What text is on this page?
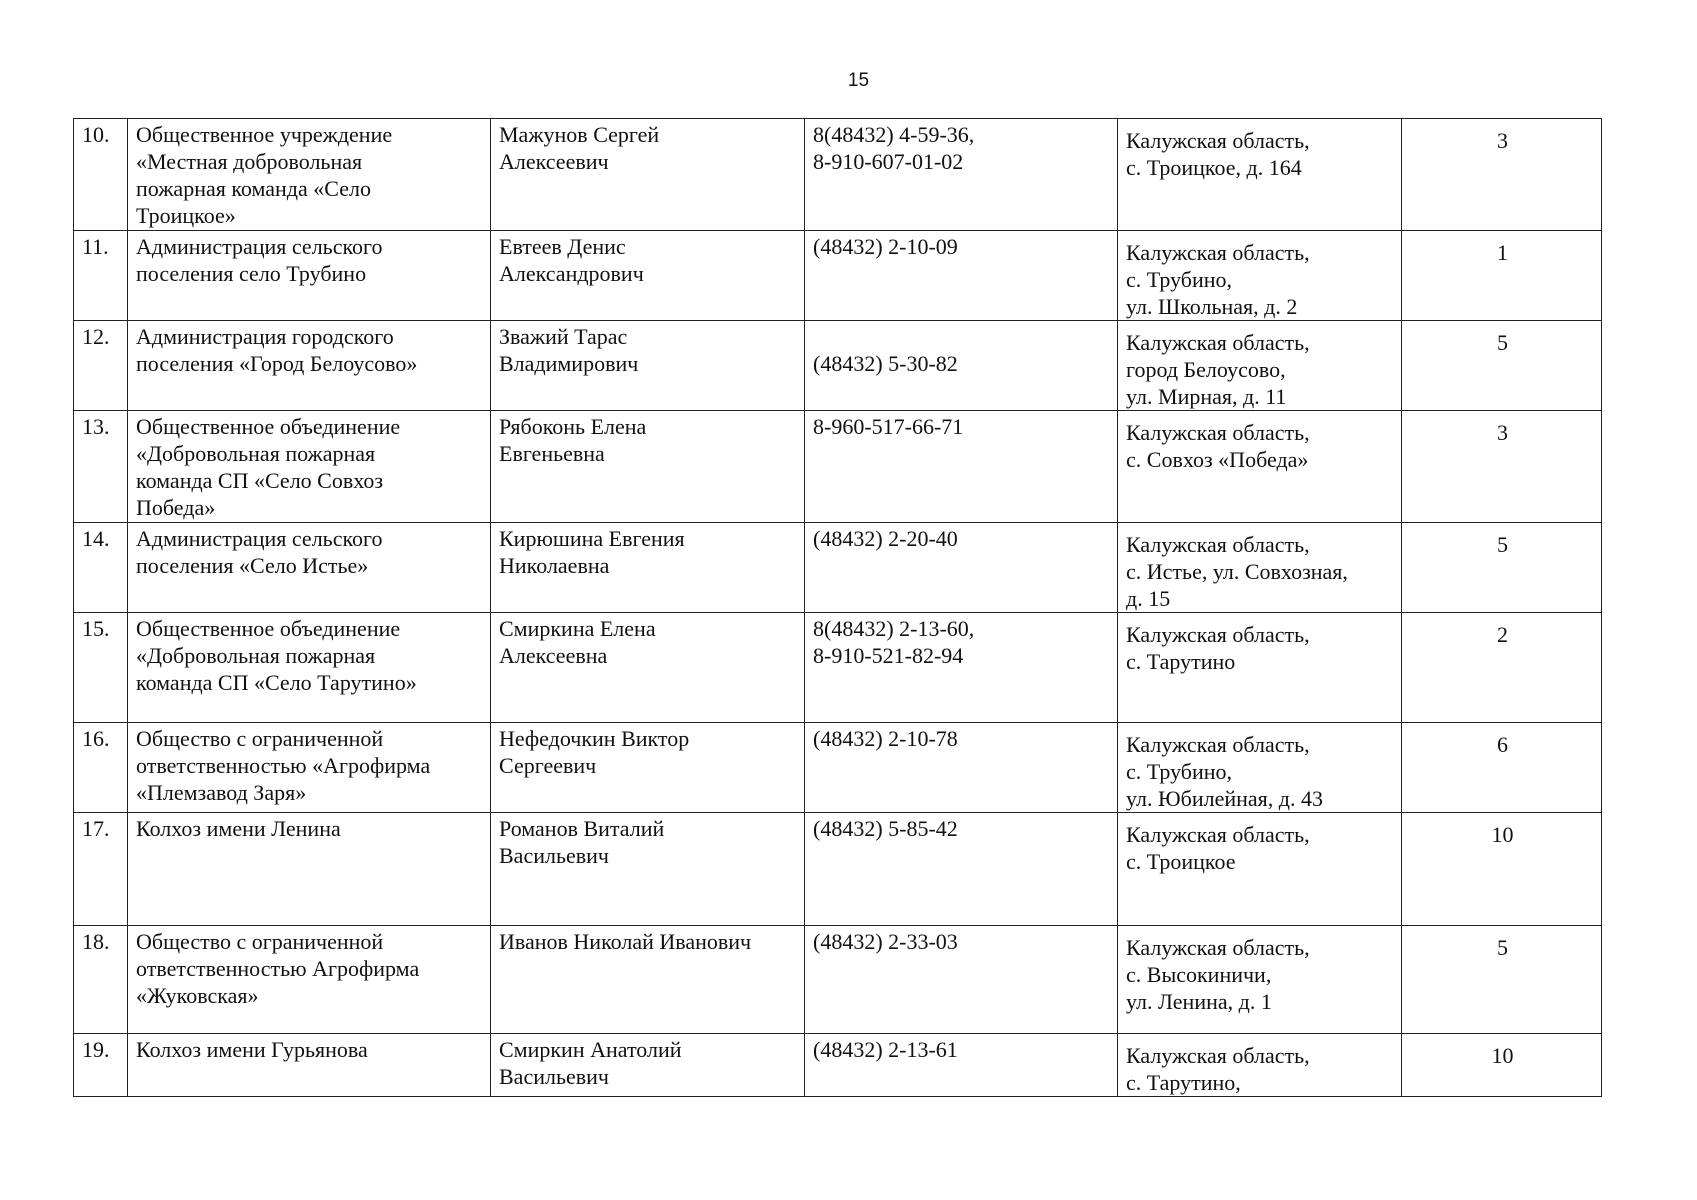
15
10.	Общественное учреждение
«Местная добровольная
пожарная команда «Село
Троицкое»	Мажунов Сергей
Алексеевич	8(48432) 4-59-36,
8-910-607-01-02	Калужская область,
с. Троицкое, д. 164	3
11.	Администрация сельского
поселения село Трубино	Евтеев Денис
Александрович	(48432) 2-10-09	Калужская область,
с. Трубино,
ул. Школьная, д. 2	1
12.	Администрация городского
поселения «Город Белоусово»	Зважий Тарас
Владимирович	(48432) 5-30-82	Калужская область,
город Белоусово,
ул. Мирная, д. 11	5
13.	Общественное объединение
«Добровольная пожарная
команда СП «Село Совхоз
Победа»	Рябоконь Елена
Евгеньевна	8-960-517-66-71	Калужская область,
с. Совхоз «Победа»	3
14.	Администрация сельского
поселения «Село Истье»	Кирюшина Евгения
Николаевна	(48432) 2-20-40	Калужская область,
с. Истье, ул. Совхозная,
д. 15	5
15.	Общественное объединение
«Добровольная пожарная
команда СП «Село Тарутино»	Смиркина Елена
Алексеевна	8(48432) 2-13-60,
8-910-521-82-94	Калужская область,
с. Тарутино	2
16.	Общество с ограниченной
ответственностью «Агрофирма
«Племзавод Заря»	Нефедочкин Виктор
Сергеевич	(48432) 2-10-78	Калужская область,
с. Трубино,
ул. Юбилейная, д. 43	6
17.	Колхоз имени Ленина	Романов Виталий
Васильевич	(48432) 5-85-42	Калужская область,
с. Троицкое	10
18.	Общество с ограниченной
ответственностью Агрофирма
«Жуковская»	Иванов Николай Иванович	(48432) 2-33-03	Калужская область,
с. Высокиничи,
ул. Ленина, д. 1	5
19.	Колхоз имени Гурьянова	Смиркин Анатолий
Васильевич	(48432) 2-13-61	Калужская область,
с. Тарутино,	10
